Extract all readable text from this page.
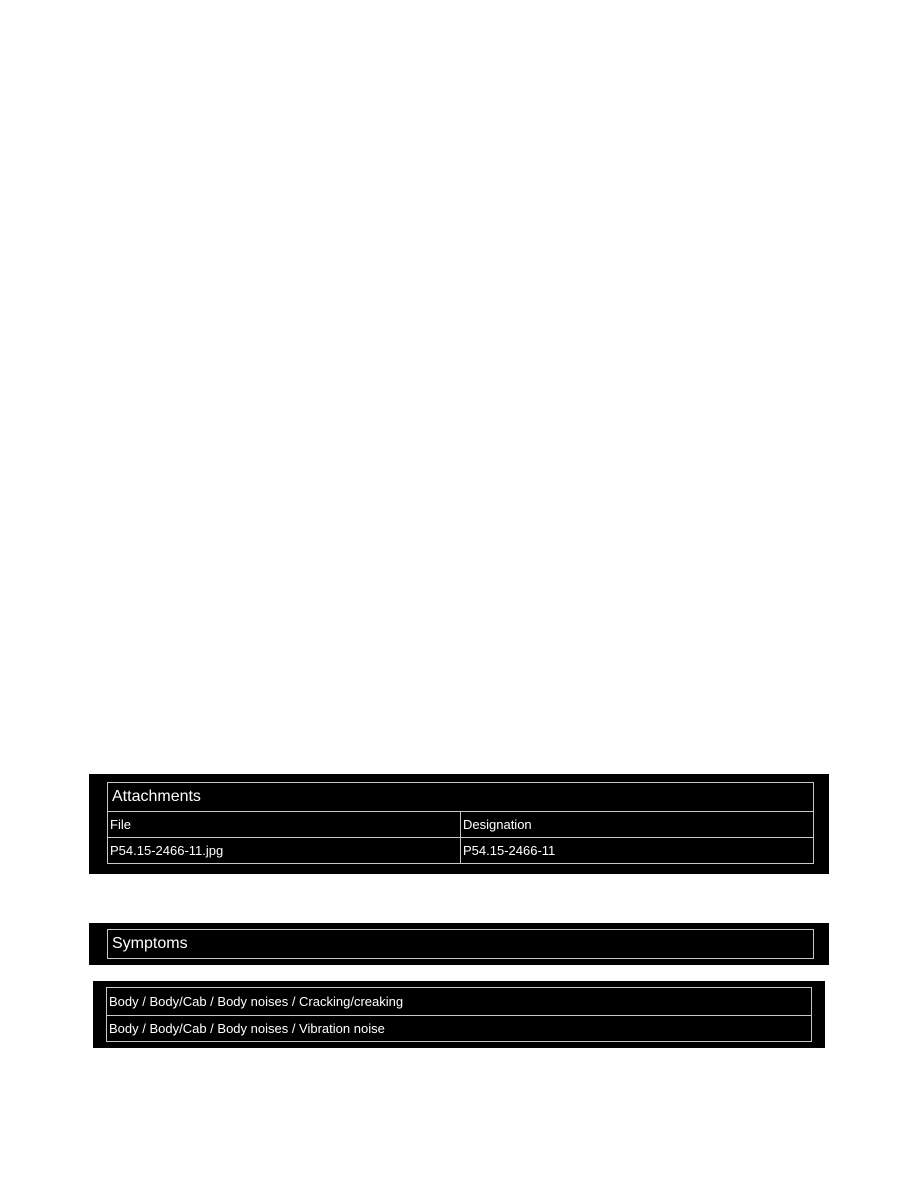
Attachments
File	Designation
P54.15-2466-11.jpg	P54.15-2466-11
Symptoms
Body / Body/Cab / Body noises / Cracking/creaking
Body / Body/Cab / Body noises / Vibration noise
